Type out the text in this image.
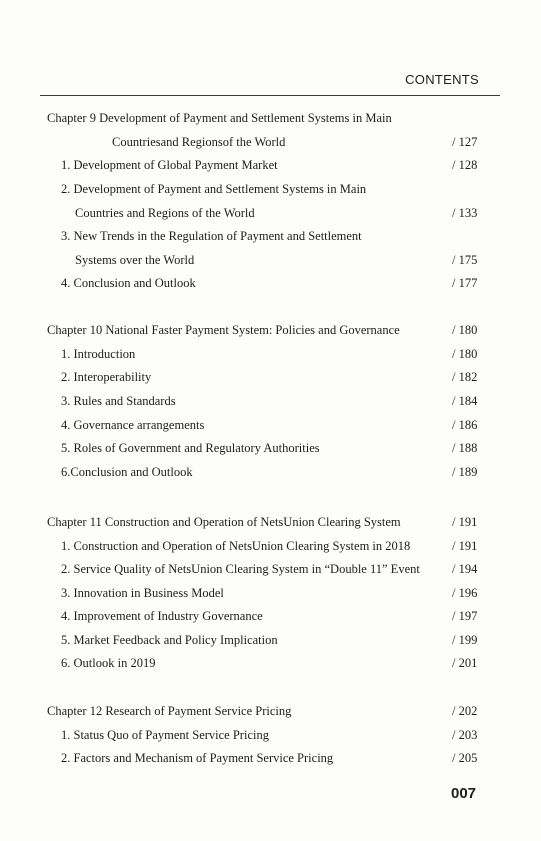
CONTENTS
Chapter 9 Development of Payment and Settlement Systems in Main
Countriesand Regionsof the World	/ 127
1. Development of Global Payment Market	/ 128
2. Development of Payment and Settlement Systems in Main
Countries and Regions of the World	/ 133
3. New Trends in the Regulation of Payment and Settlement
Systems over the World	/ 175
4. Conclusion and Outlook	/ 177
Chapter 10 National Faster Payment System: Policies and Governance	/ 180
1. Introduction	/ 180
2. Interoperability	/ 182
3. Rules and Standards	/ 184
4. Governance arrangements	/ 186
5. Roles of Government and Regulatory Authorities	/ 188
6.Conclusion and Outlook	/ 189
Chapter 11 Construction and Operation of NetsUnion Clearing System	/ 191
1. Construction and Operation of NetsUnion Clearing System in 2018	/ 191
2. Service Quality of NetsUnion Clearing System in “Double 11” Event	/ 194
3. Innovation in Business Model	/ 196
4. Improvement of Industry Governance	/ 197
5. Market Feedback and Policy Implication	/ 199
6. Outlook in 2019	/ 201
Chapter 12 Research of Payment Service Pricing	/ 202
1. Status Quo of Payment Service Pricing	/ 203
2. Factors and Mechanism of Payment Service Pricing	/ 205
007
